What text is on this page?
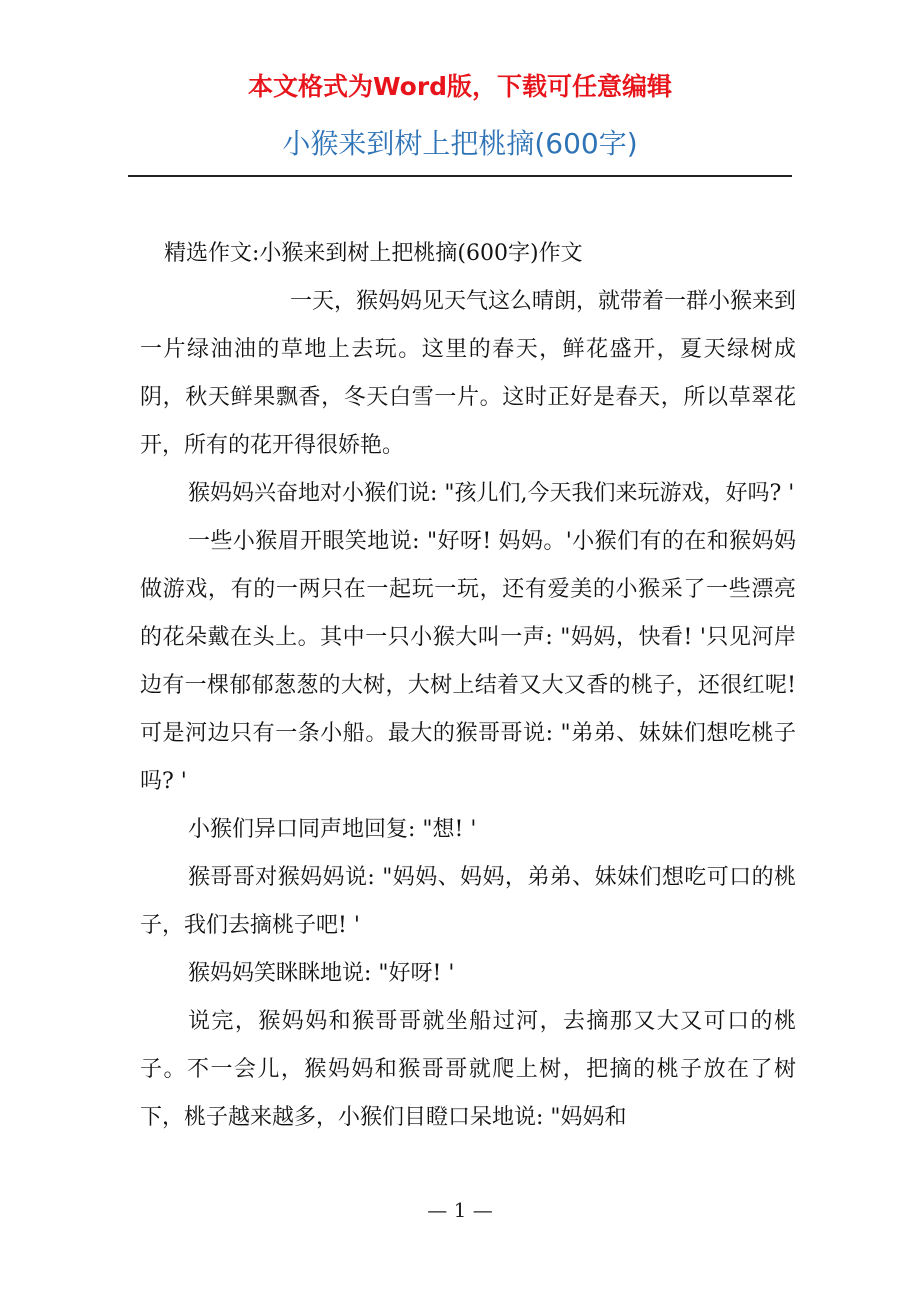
本文格式为Word版，下载可任意编辑
小猴来到树上把桃摘(600字)

精选作文:小猴来到树上把桃摘(600字)作文

一天，猴妈妈见天气这么晴朗，就带着一群小猴来到一片绿油油的草地上去玩。这里的春天，鲜花盛开，夏天绿树成阴，秋天鲜果飘香，冬天白雪一片。这时正好是春天，所以草翠花开，所有的花开得很娇艳。

猴妈妈兴奋地对小猴们说: "孩儿们,今天我们来玩游戏，好吗? '

一些小猴眉开眼笑地说: "好呀! 妈妈。'小猴们有的在和猴妈妈做游戏，有的一两只在一起玩一玩，还有爱美的小猴采了一些漂亮的花朵戴在头上。其中一只小猴大叫一声: "妈妈，快看! '只见河岸边有一棵郁郁葱葱的大树，大树上结着又大又香的桃子，还很红呢! 可是河边只有一条小船。最大的猴哥哥说: "弟弟、妹妹们想吃桃子吗? '

小猴们异口同声地回复: "想! '

猴哥哥对猴妈妈说: "妈妈、妈妈，弟弟、妹妹们想吃可口的桃子，我们去摘桃子吧! '

猴妈妈笑眯眯地说: "好呀! '

说完，猴妈妈和猴哥哥就坐船过河，去摘那又大又可口的桃子。不一会儿，猴妈妈和猴哥哥就爬上树，把摘的桃子放在了树下，桃子越来越多，小猴们目瞪口呆地说: "妈妈和

— 1 —
